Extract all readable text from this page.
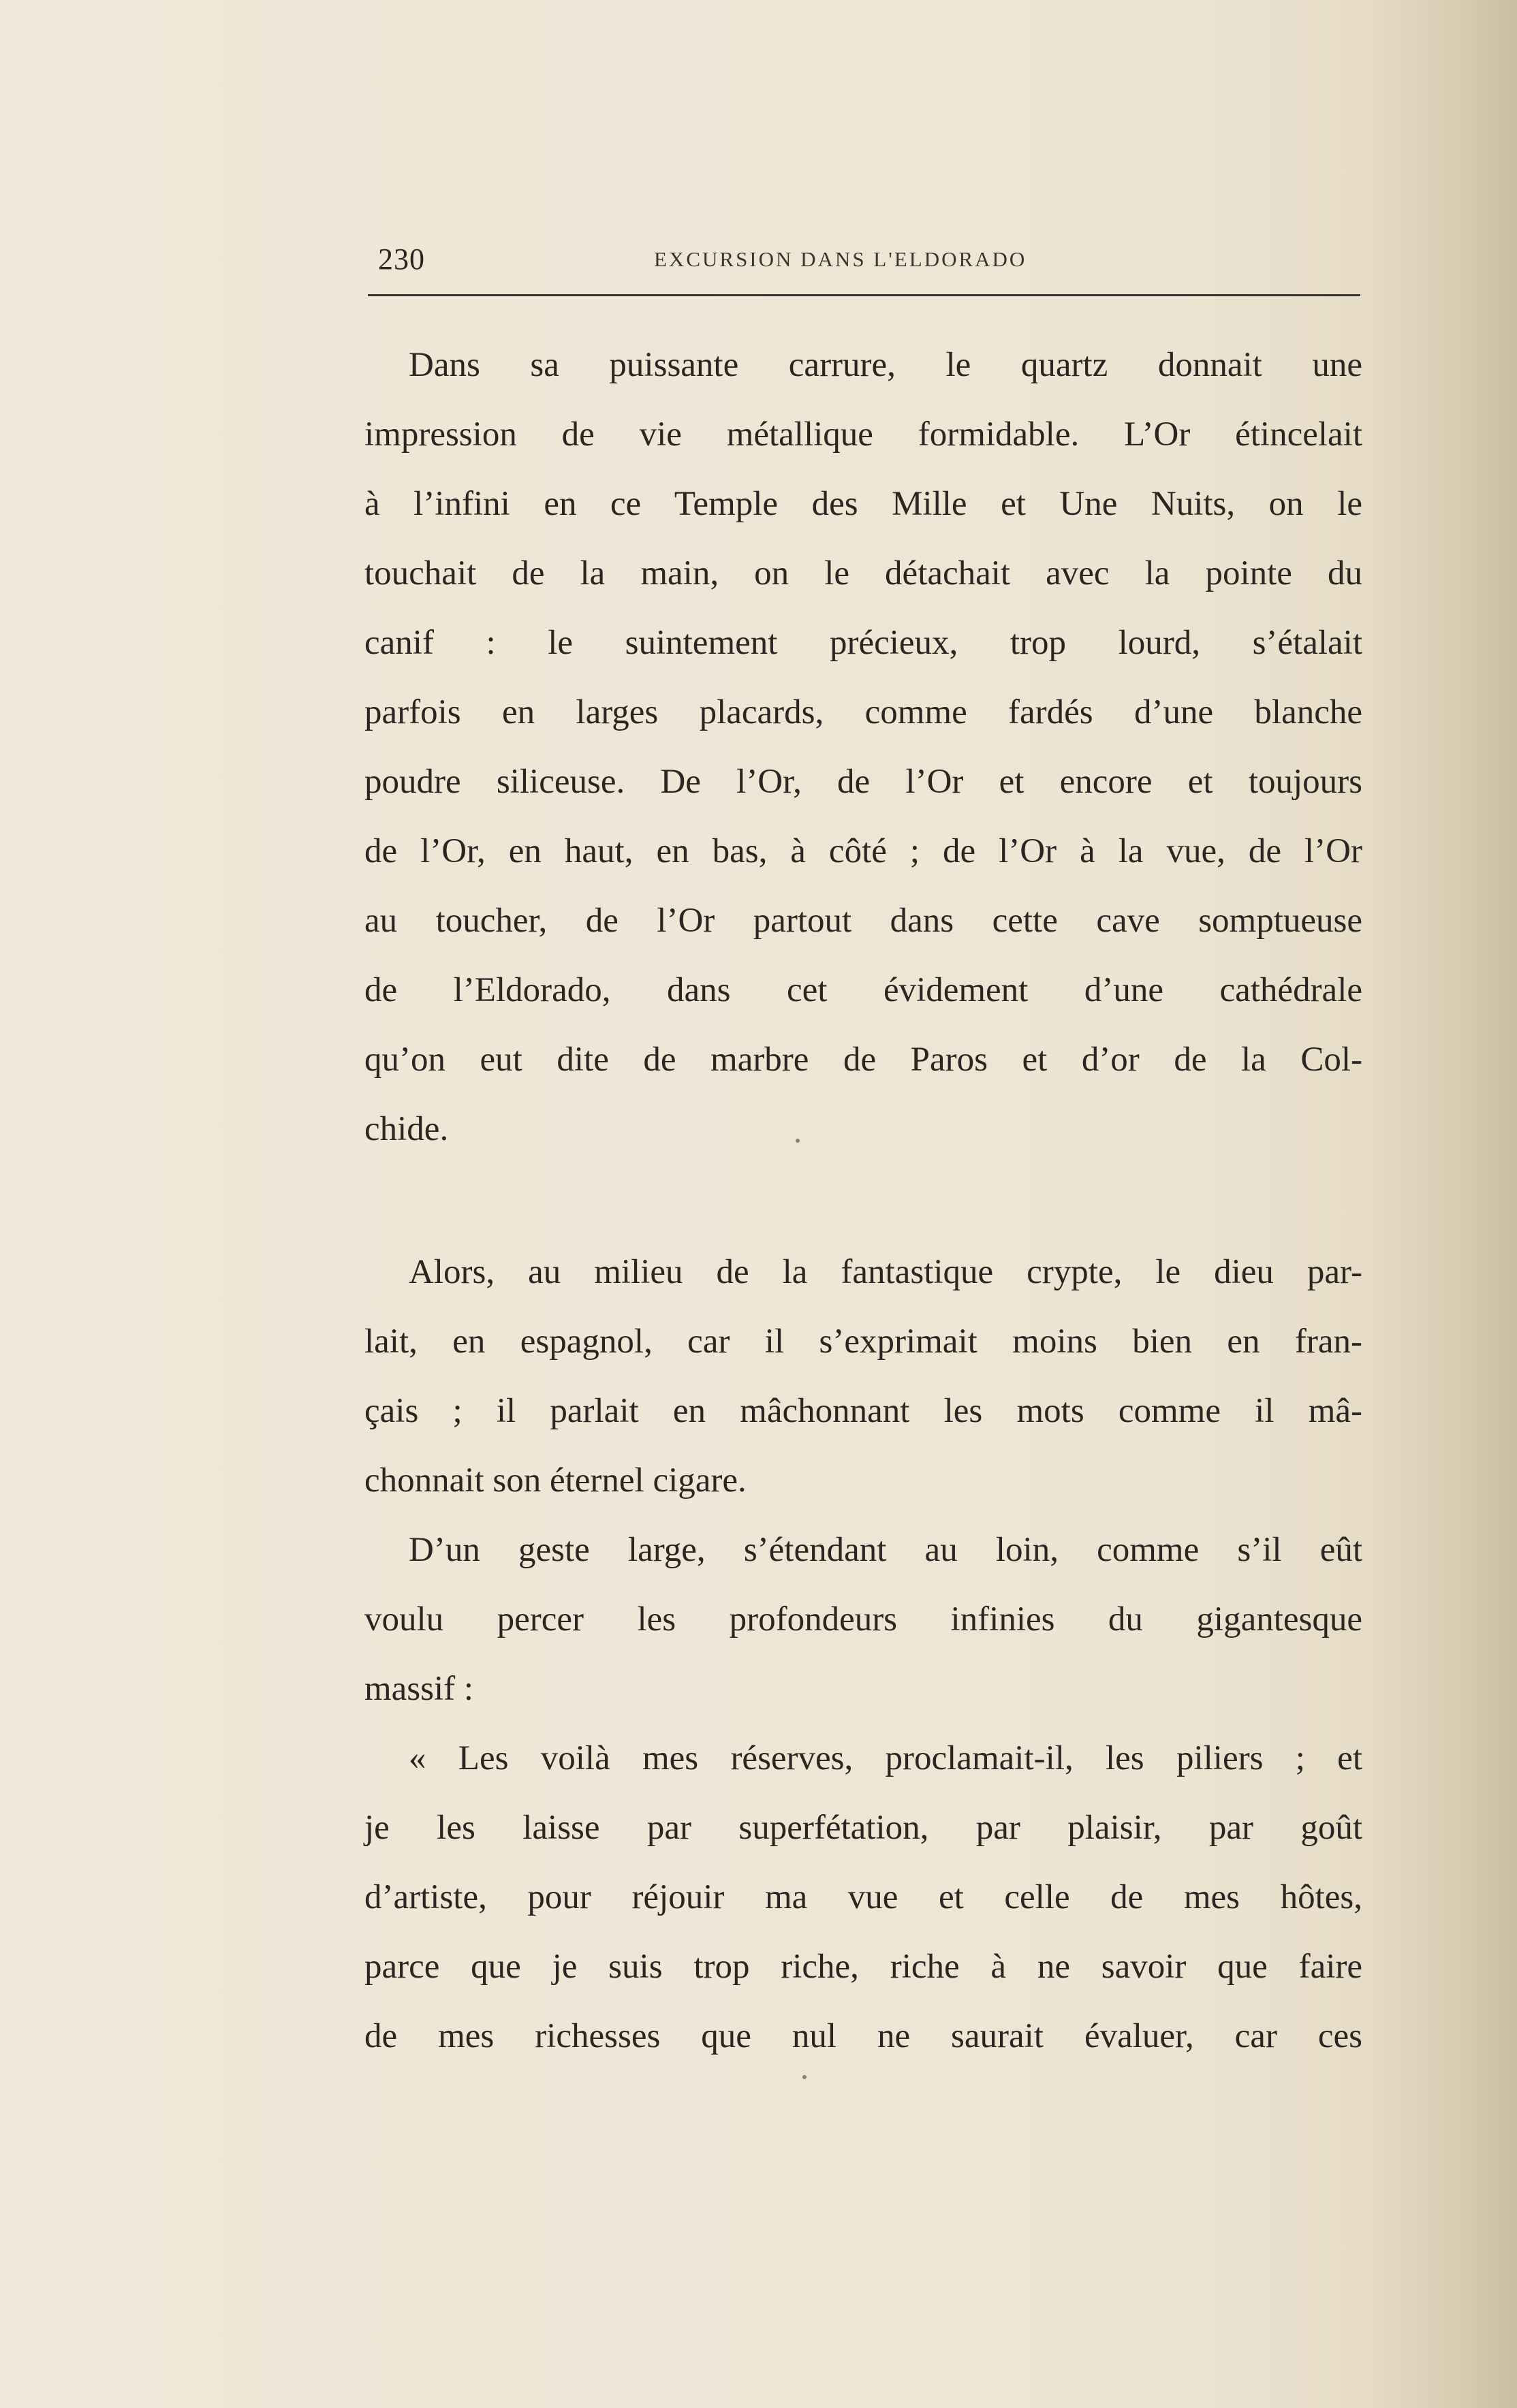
230	EXCURSION DANS L'ELDORADO
Dans sa puissante carrure, le quartz donnait une
impression de vie métallique formidable. L’Or étincelait
à l’infini en ce Temple des Mille et Une Nuits, on le
touchait de la main, on le détachait avec la pointe du
canif : le suintement précieux, trop lourd, s’étalait
parfois en larges placards, comme fardés d’une blanche
poudre siliceuse. De l’Or, de l’Or et encore et toujours
de l’Or, en haut, en bas, à côté ; de l’Or à la vue, de l’Or
au toucher, de l’Or partout dans cette cave somptueuse
de l’Eldorado, dans cet évidement d’une cathédrale
qu’on eut dite de marbre de Paros et d’or de la Col-
chide.
Alors, au milieu de la fantastique crypte, le dieu par-
lait, en espagnol, car il s’exprimait moins bien en fran-
çais ; il parlait en mâchonnant les mots comme il mâ-
chonnait son éternel cigare.
D’un geste large, s’étendant au loin, comme s’il eût
voulu percer les profondeurs infinies du gigantesque
massif :
« Les voilà mes réserves, proclamait-il, les piliers ; et
je les laisse par superfétation, par plaisir, par goût
d’artiste, pour réjouir ma vue et celle de mes hôtes,
parce que je suis trop riche, riche à ne savoir que faire
de mes richesses que nul ne saurait évaluer, car ces
